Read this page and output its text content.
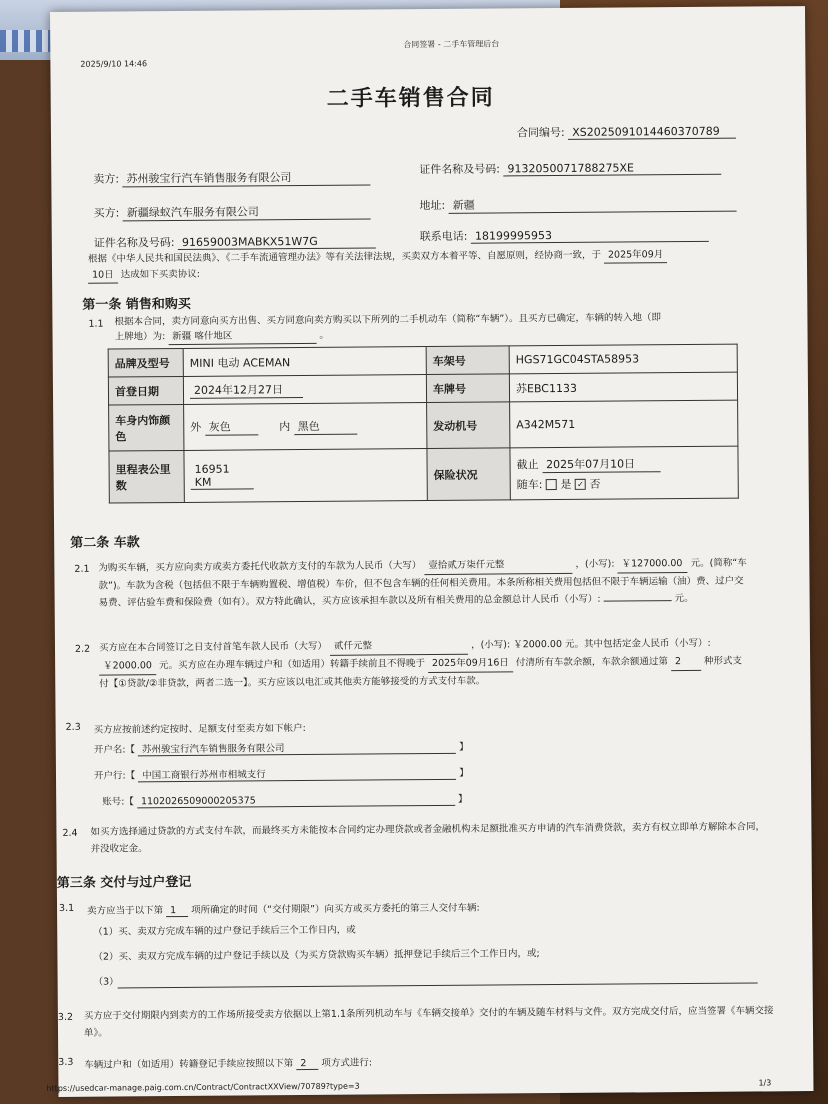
2025/9/10 14:46
合同签署 - 二手车管理后台
二手车销售合同
合同编号: XS2025091014460370789
卖方: 苏州骏宝行汽车销售服务有限公司
证件名称及号码: 9132050071788275XE
买方: 新疆绿蚁汽车服务有限公司	地址: 新疆
证件名称及号码: 91659003MABKX51W7G	联系电话: 18199995953
根据《中华人民共和国民法典》、《二手车流通管理办法》等有关法律法规，买卖双方本着平等、自愿原则，经协商一致，于 2025年09月
10日 达成如下买卖协议:
第一条 销售和购买
1.1 根据本合同，卖方同意向买方出售、买方同意向卖方购买以下所列的二手机动车（简称“车辆”）。且买方已确定，车辆的转入地（即
上牌地）为: 新疆 喀什地区	。
品牌及型号	MINI 电动 ACEMAN	车架号	HGS71GC04STA58953
首登日期	2024年12月27日	车牌号	苏EBC1133
车身内饰颜色	外 灰色 内 黑色	发动机号	A342M571
里程表公里数	16951 KM	保险状况	截止 2025年07月10日
随车: 是 ✓ 否
第二条 车款
2.1 为购买车辆，买方应向卖方或卖方委托代收款方支付的车款为人民币（大写） 壹拾贰万柒仟元整	，(小写): ￥127000.00 元。(简称“车款”)。车款为含税（包括但不限于车辆购置税、增值税）车价，但不包含车辆的任何相关费用。本条所称相关费用包括但不限于车辆运输（油）费、过户交易费、评估验车费和保险费（如有）。双方特此确认，买方应该承担车款以及所有相关费用的总金额总计人民币（小写）:	元。
2.2 买方应在本合同签订之日支付首笔车款人民币（大写） 贰仟元整	，(小写): ￥2000.00 元。其中包括定金人民币（小写）: ￥2000.00 元。买方应在办理车辆过户和（如适用）转籍手续前且不得晚于 2025年09月16日 付清所有车款余额，车款余额通过第 2 种形式支付【①贷款/②非贷款，两者二选一】。买方应该以电汇或其他卖方能够接受的方式支付车款。
2.3 买方应按前述约定按时、足额支付至卖方如下帐户:
开户名:【 苏州骏宝行汽车销售服务有限公司	】
开户行:【 中国工商银行苏州市相城支行	】
账号:【 1102026509000205375	】
2.4 如买方选择通过贷款的方式支付车款，而最终买方未能按本合同约定办理贷款或者金融机构未足额批准买方申请的汽车消费贷款，卖方有权立即单方解除本合同，并没收定金。
第三条 交付与过户登记
3.1 卖方应当于以下第 1 项所确定的时间（“交付期限”）向买方或买方委托的第三人交付车辆:
（1）买、卖双方完成车辆的过户登记手续后三个工作日内，或
（2）买、卖双方完成车辆的过户登记手续以及（为买方贷款购买车辆）抵押登记手续后三个工作日内，或;
（3）
3.2 买方应于交付期限内到卖方的工作场所接受卖方依据以上第1.1条所列机动车与《车辆交接单》交付的车辆及随车材料与文件。双方完成交付后，应当签署《车辆交接单》。
3.3 车辆过户和（如适用）转籍登记手续应按照以下第 2 项方式进行:
https://usedcar-manage.paig.com.cn/Contract/ContractXXView/70789?type=3	1/3
